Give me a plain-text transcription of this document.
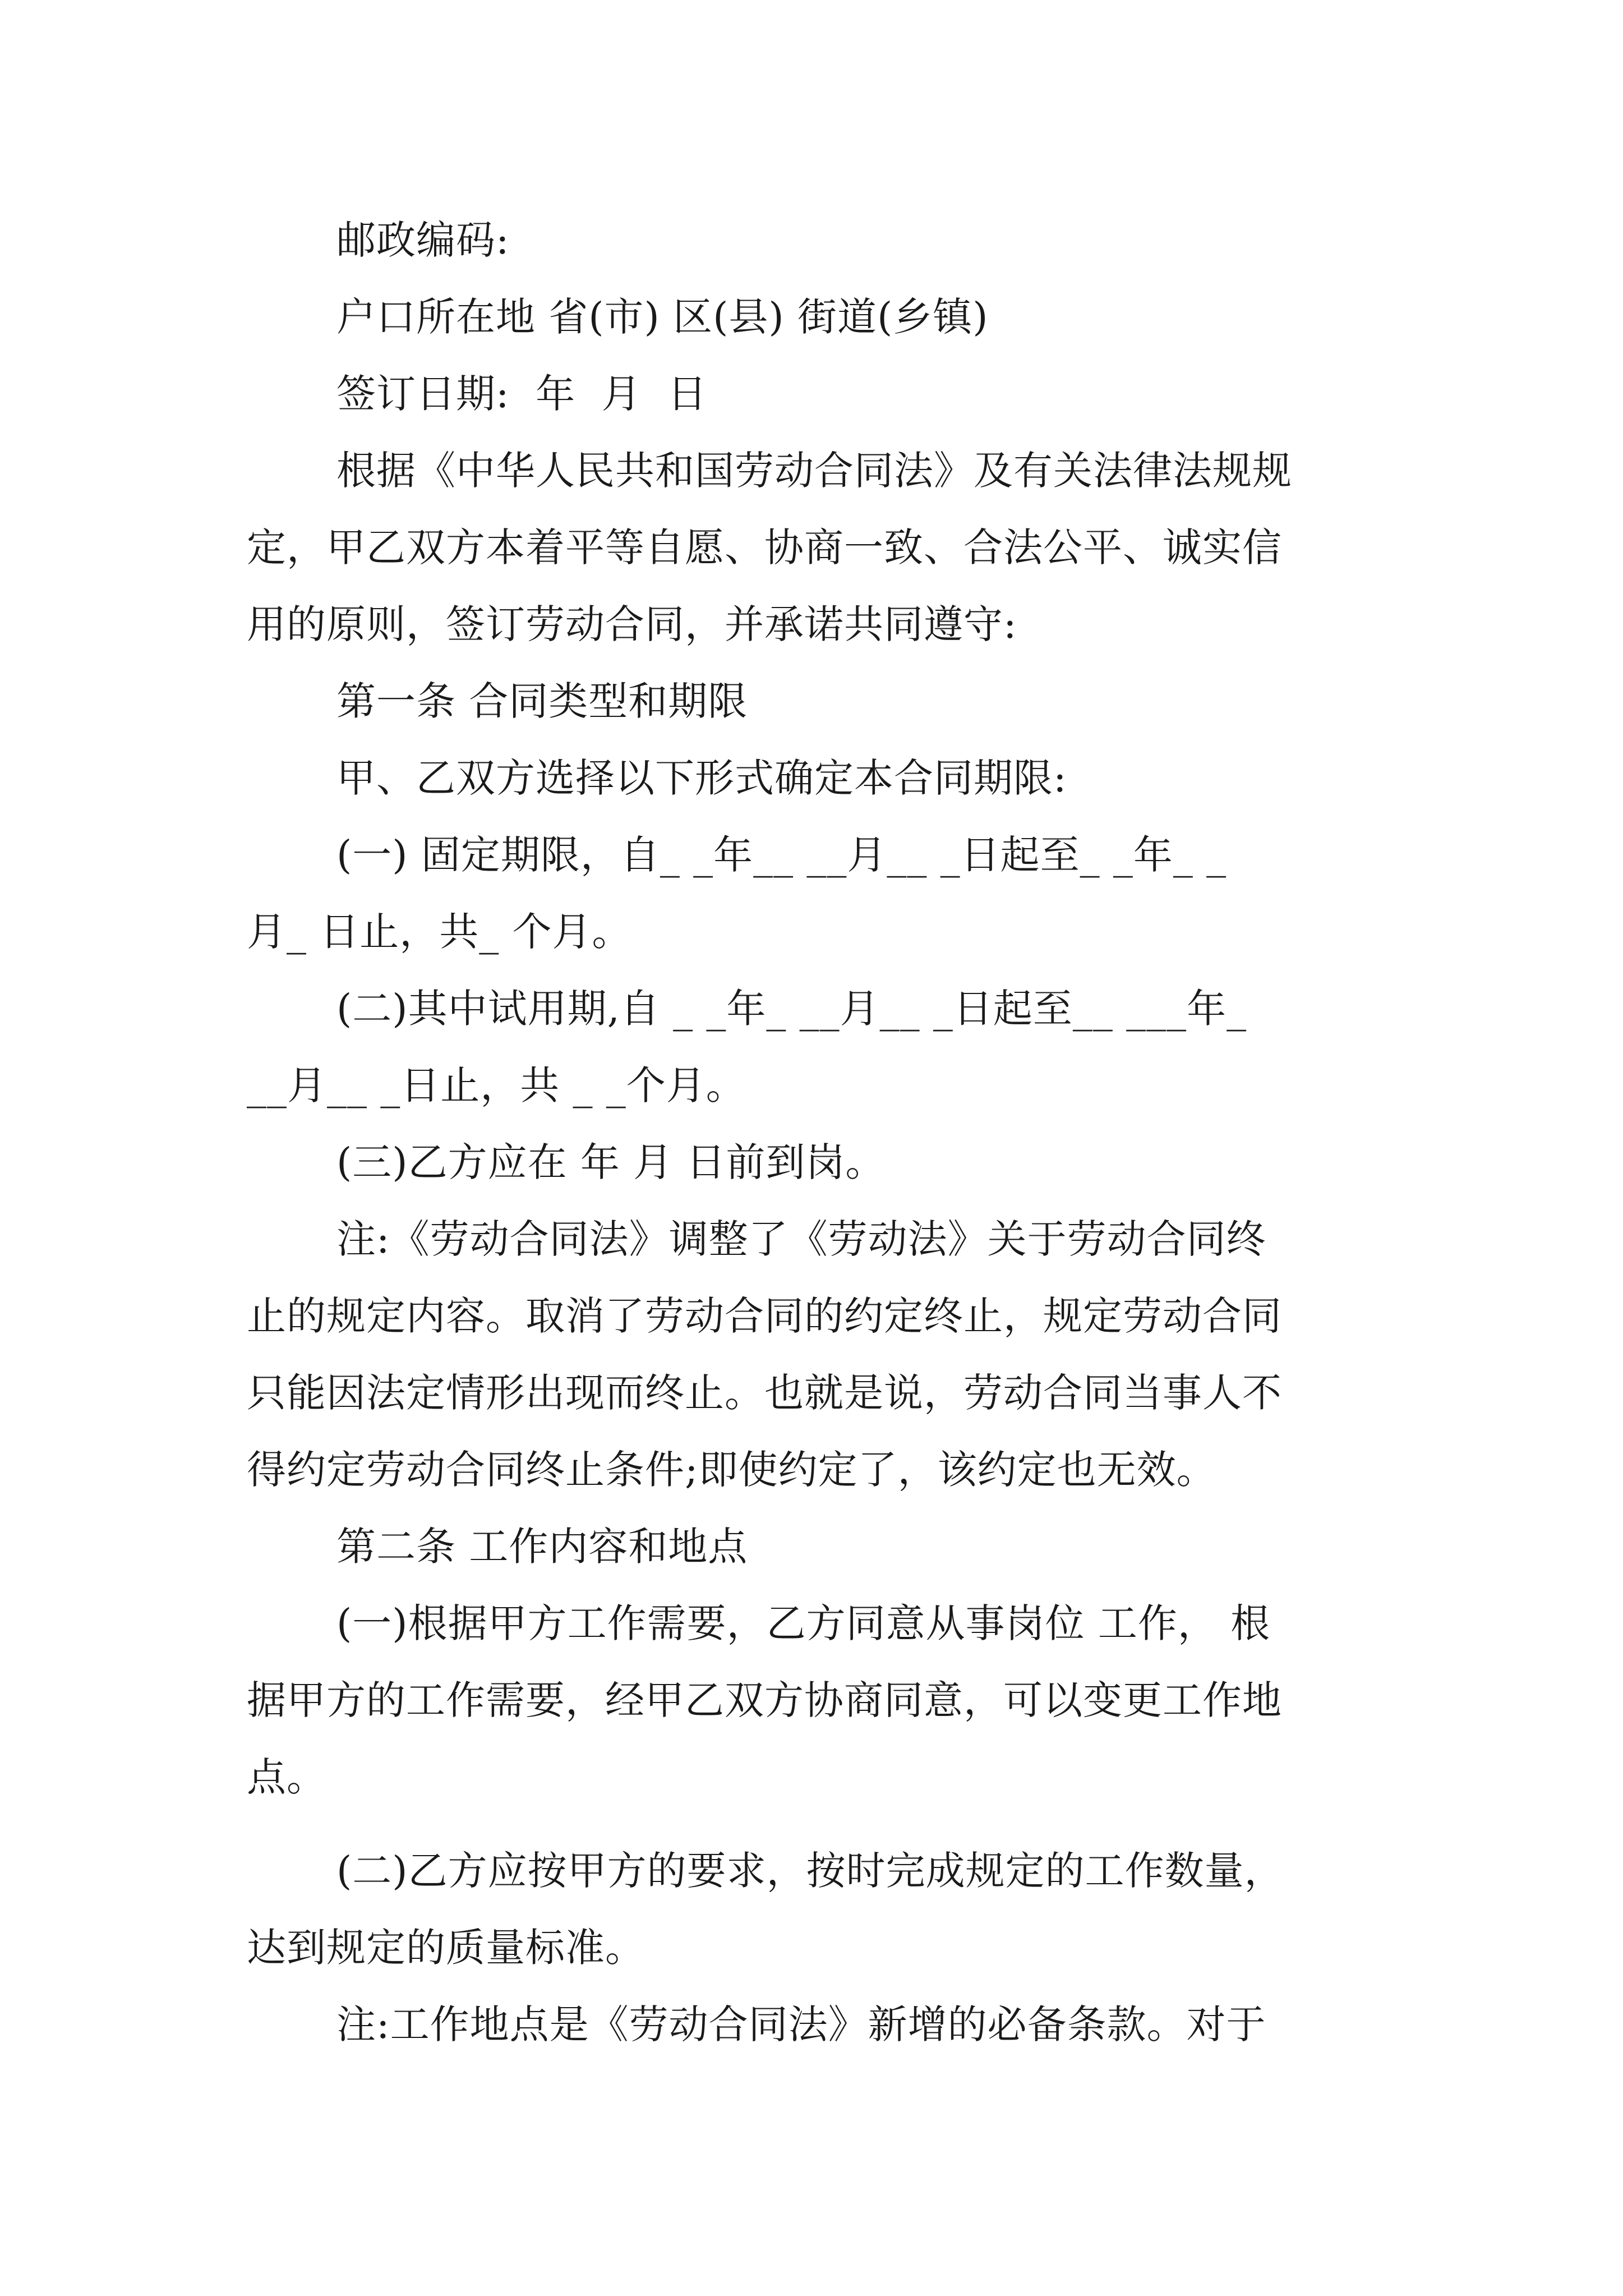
邮政编码:
户口所在地 省(市) 区(县) 街道(乡镇)
签订日期:  年  月  日
根据《中华人民共和国劳动合同法》及有关法律法规规
定，甲乙双方本着平等自愿、协商一致、合法公平、诚实信
用的原则，签订劳动合同，并承诺共同遵守:
第一条 合同类型和期限
甲、乙双方选择以下形式确定本合同期限:
(一) 固定期限，自_ _年__ __月__ _日起至_ _年_ _
月_ 日止，共_ 个月。
(二)其中试用期,自 _ _年_ __月__ _日起至__ ___年_
__月__ _日止，共 _ _个月。
(三)乙方应在 年 月 日前到岗。
注:《劳动合同法》调整了《劳动法》关于劳动合同终
止的规定内容。取消了劳动合同的约定终止，规定劳动合同
只能因法定情形出现而终止。也就是说，劳动合同当事人不
得约定劳动合同终止条件;即使约定了，该约定也无效。
第二条 工作内容和地点
(一)根据甲方工作需要，乙方同意从事岗位 工作， 根
据甲方的工作需要，经甲乙双方协商同意，可以变更工作地
点。
(二)乙方应按甲方的要求，按时完成规定的工作数量，
达到规定的质量标准。
注:工作地点是《劳动合同法》新增的必备条款。对于
